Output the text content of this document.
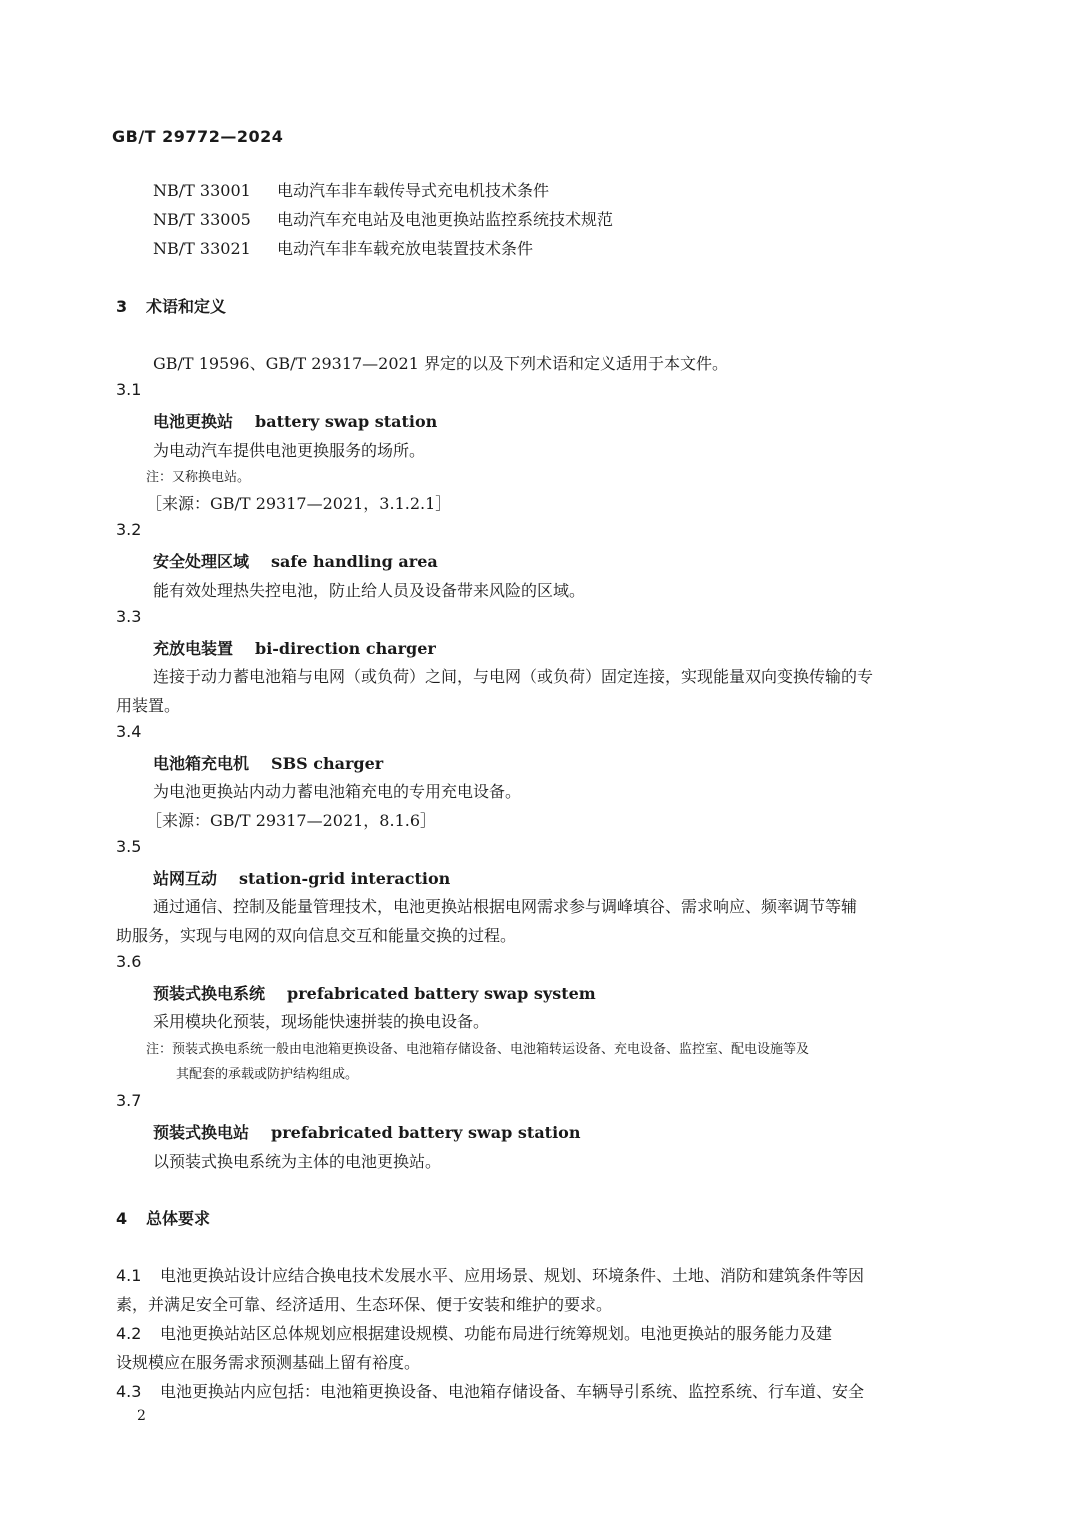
GB/T 29772—2024
NB/T 33001 电动汽车非车载传导式充电机技术条件
NB/T 33005 电动汽车充电站及电池更换站监控系统技术规范
NB/T 33021 电动汽车非车载充放电装置技术条件
3 术语和定义
GB/T 19596、GB/T 29317—2021 界定的以及下列术语和定义适用于本文件。
3.1
电池更换站 battery swap station
为电动汽车提供电池更换服务的场所。
注：又称换电站。
［来源：GB/T 29317—2021，3.1.2.1］
3.2
安全处理区域 safe handling area
能有效处理热失控电池，防止给人员及设备带来风险的区域。
3.3
充放电装置 bi-direction charger
连接于动力蓄电池箱与电网（或负荷）之间，与电网（或负荷）固定连接，实现能量双向变换传输的专
用装置。
3.4
电池箱充电机 SBS charger
为电池更换站内动力蓄电池箱充电的专用充电设备。
［来源：GB/T 29317—2021，8.1.6］
3.5
站网互动 station-grid interaction
通过通信、控制及能量管理技术，电池更换站根据电网需求参与调峰填谷、需求响应、频率调节等辅
助服务，实现与电网的双向信息交互和能量交换的过程。
3.6
预装式换电系统 prefabricated battery swap system
采用模块化预装，现场能快速拼装的换电设备。
注：预装式换电系统一般由电池箱更换设备、电池箱存储设备、电池箱转运设备、充电设备、监控室、配电设施等及
其配套的承载或防护结构组成。
3.7
预装式换电站 prefabricated battery swap station
以预装式换电系统为主体的电池更换站。
4 总体要求
4.1 电池更换站设计应结合换电技术发展水平、应用场景、规划、环境条件、土地、消防和建筑条件等因
素，并满足安全可靠、经济适用、生态环保、便于安装和维护的要求。
4.2 电池更换站站区总体规划应根据建设规模、功能布局进行统筹规划。电池更换站的服务能力及建
设规模应在服务需求预测基础上留有裕度。
4.3 电池更换站内应包括：电池箱更换设备、电池箱存储设备、车辆导引系统、监控系统、行车道、安全
2
